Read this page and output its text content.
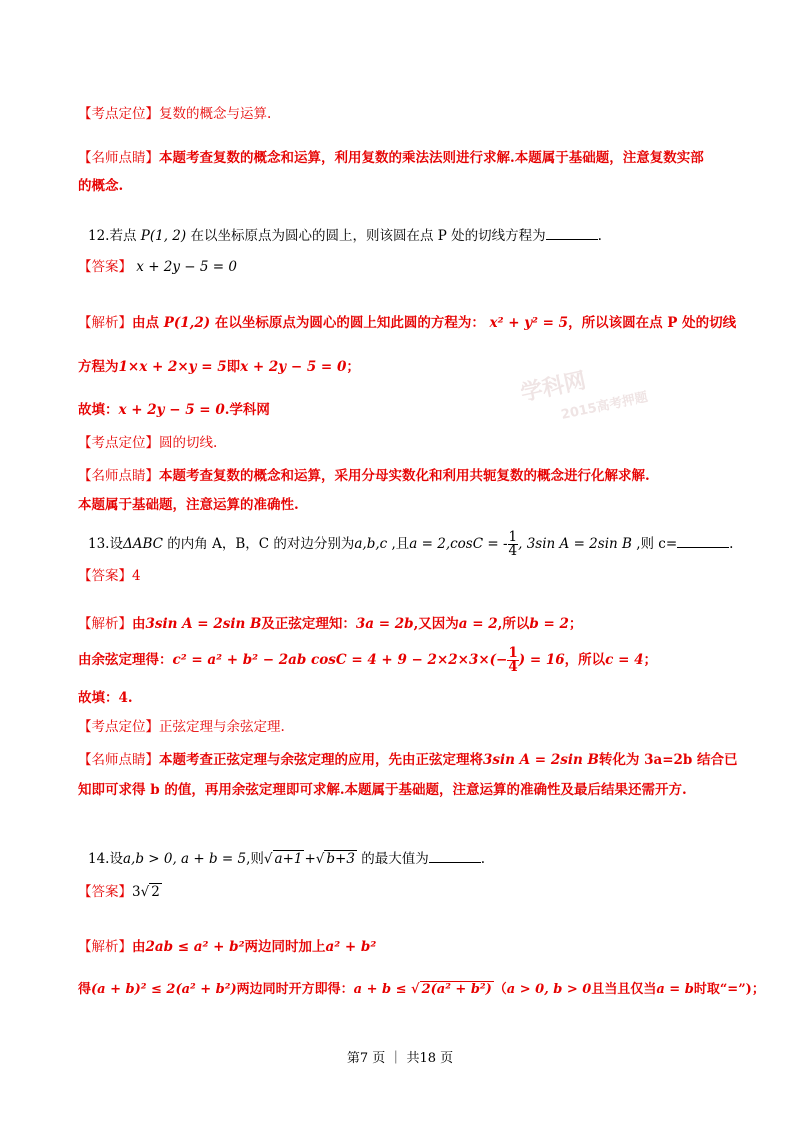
学科网
2015高考押题
【考点定位】复数的概念与运算.
【名师点睛】本题考查复数的概念和运算，利用复数的乘法法则进行求解.本题属于基础题，注意复数实部
的概念.
12.若点 P(1, 2) 在以坐标原点为圆心的圆上，则该圆在点 P 处的切线方程为	.
【答案】 x + 2y − 5 = 0
【解析】由点 P(1,2) 在以坐标原点为圆心的圆上知此圆的方程为： x² + y² = 5，所以该圆在点 P 处的切线
方程为1×x + 2×y = 5即x + 2y − 5 = 0；
故填：x + 2y − 5 = 0.学科网
【考点定位】圆的切线.
【名师点睛】本题考查复数的概念和运算，采用分母实数化和利用共轭复数的概念进行化解求解.
本题属于基础题，注意运算的准确性.
13.设ΔABC 的内角 A，B，C 的对边分别为a,b,c ,且a = 2,cosC = - $\frac{1}{4}$ , 3sin A = 2sin B ,则 c=	.
【答案】4
【解析】由3sin A = 2sin B及正弦定理知：3a = 2b,又因为a = 2,所以b = 2；
由余弦定理得：c² = a² + b² − 2ab $\cos C = 4 + 9 - 2\times 2\times 3\times(- \frac{1}{4}$ ) = 16，所以c = 4；
故填：4.
【考点定位】正弦定理与余弦定理.
【名师点睛】本题考查正弦定理与余弦定理的应用，先由正弦定理将3sin A = 2sin B转化为 3a=2b 结合已
知即可求得 b 的值，再用余弦定理即可求解.本题属于基础题，注意运算的准确性及最后结果还需开方.
14.设a,b > 0, a + b = 5,则√ a+1 +√ b+3 的最大值为	.
【答案】3√ 2
【解析】由2ab ≤ a² + b²两边同时加上a² + b²
得(a + b)² ≤ 2(a² + b²)两边同时开方即得：a + b ≤ √ 2(a² + b²) （a > 0, b > 0且当且仅当a = b时取“=”)；
第7 页 ｜ 共18 页
